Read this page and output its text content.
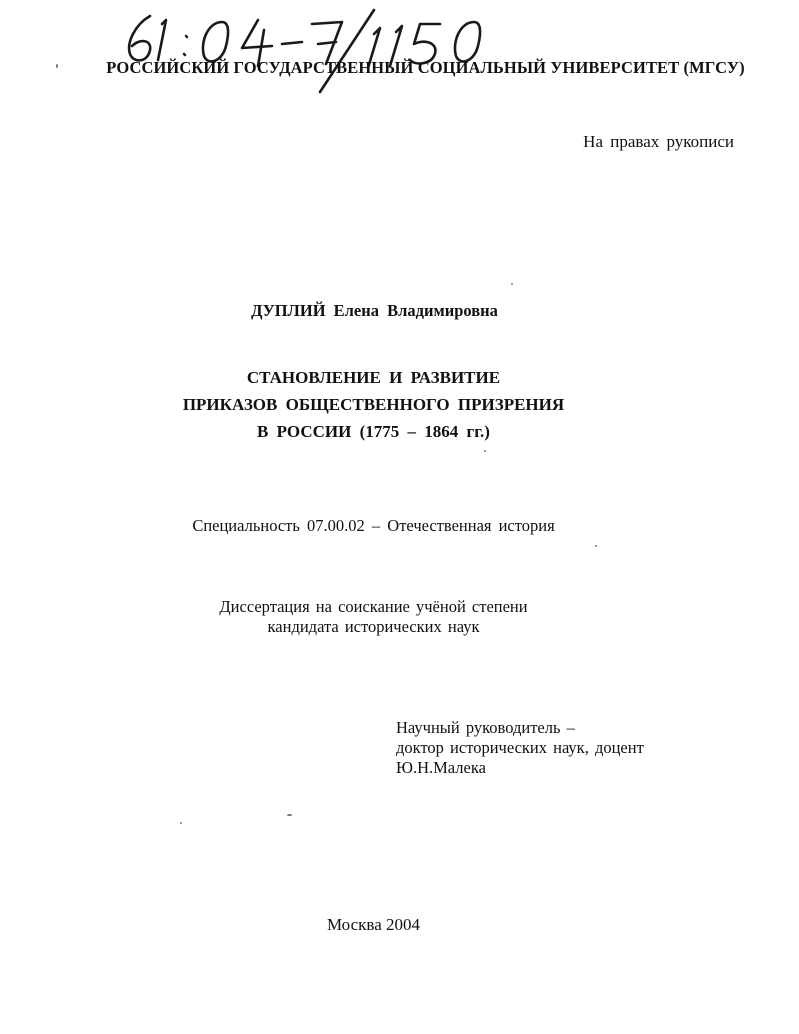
РОССИЙСКИЙ ГОСУДАРСТВЕННЫЙ СОЦИАЛЬНЫЙ УНИВЕРСИТЕТ (МГСУ)
На правах рукописи
ДУПЛИЙ Елена Владимировна
СТАНОВЛЕНИЕ И РАЗВИТИЕ
ПРИКАЗОВ ОБЩЕСТВЕННОГО ПРИЗРЕНИЯ
В РОССИИ (1775 – 1864 гг.)
Специальность 07.00.02 – Отечественная история
Диссертация на соискание учёной степени
кандидата исторических наук
Научный руководитель –
доктор исторических наук, доцент
Ю.Н.Малека
Москва 2004
